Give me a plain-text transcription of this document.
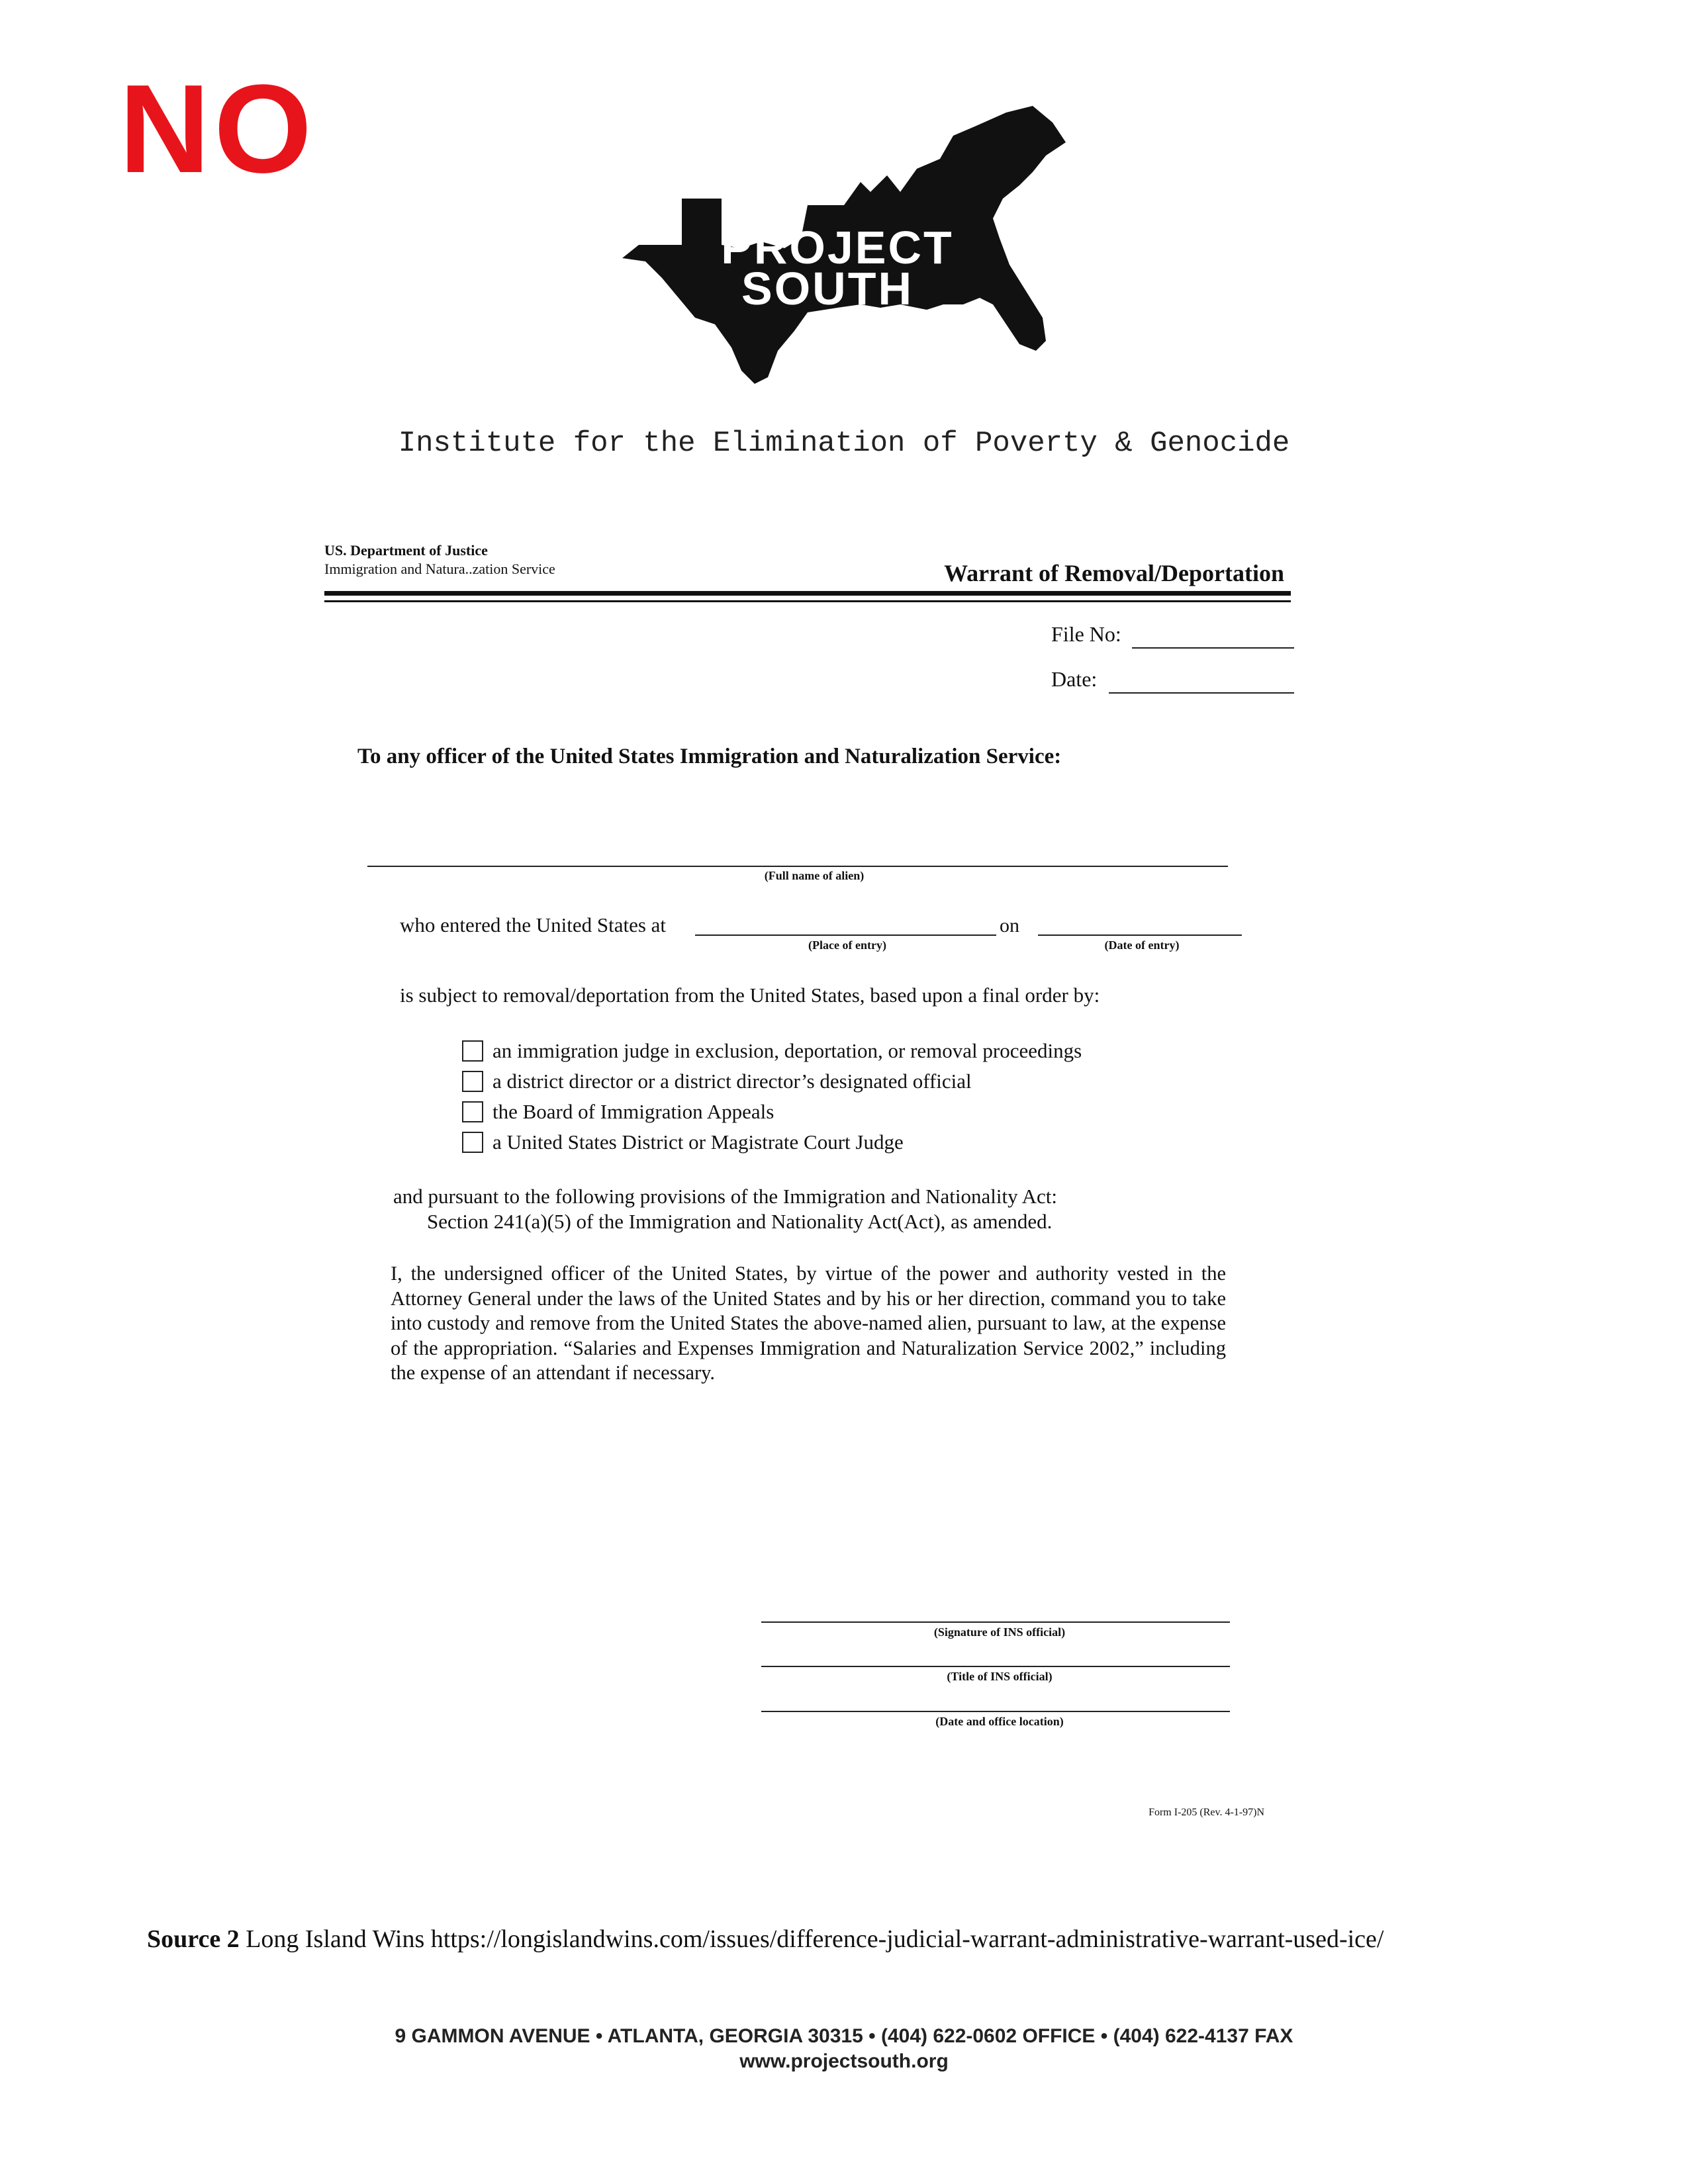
NO
PROJECT
SOUTH
Institute for the Elimination of Poverty & Genocide
US. Department of Justice
Immigration and Natura..zation Service	Warrant of Removal/Deportation
File No:
Date:
To any officer of the United States Immigration and Naturalization Service:
(Full name of alien)
who entered the United States at
(Place of entry)
on
(Date of entry)
is subject to removal/deportation from the United States, based upon a final order by:
an immigration judge in exclusion, deportation, or removal proceedings
a district director or a district director’s designated official
the Board of Immigration Appeals
a United States District or Magistrate Court Judge
and pursuant to the following provisions of the Immigration and Nationality Act:
Section 241(a)(5) of the Immigration and Nationality Act(Act), as amended.
I, the undersigned officer of the United States, by virtue of the power and authority vested in the Attorney General under the laws of the United States and by his or her direction, command you to take into custody and remove from the United States the above-named alien, pursuant to law, at the expense of the appropriation. “Salaries and Expenses Immigration and Naturalization Service 2002,” including the expense of an attendant if necessary.
(Signature of INS official)
(Title of INS official)
(Date and office location)
Form I-205 (Rev. 4-1-97)N
Source 2 Long Island Wins https://longislandwins.com/issues/difference-judicial-warrant-administrative-warrant-used-ice/
9 GAMMON AVENUE • ATLANTA, GEORGIA 30315 • (404) 622-0602 OFFICE • (404) 622-4137 FAX
www.projectsouth.org
